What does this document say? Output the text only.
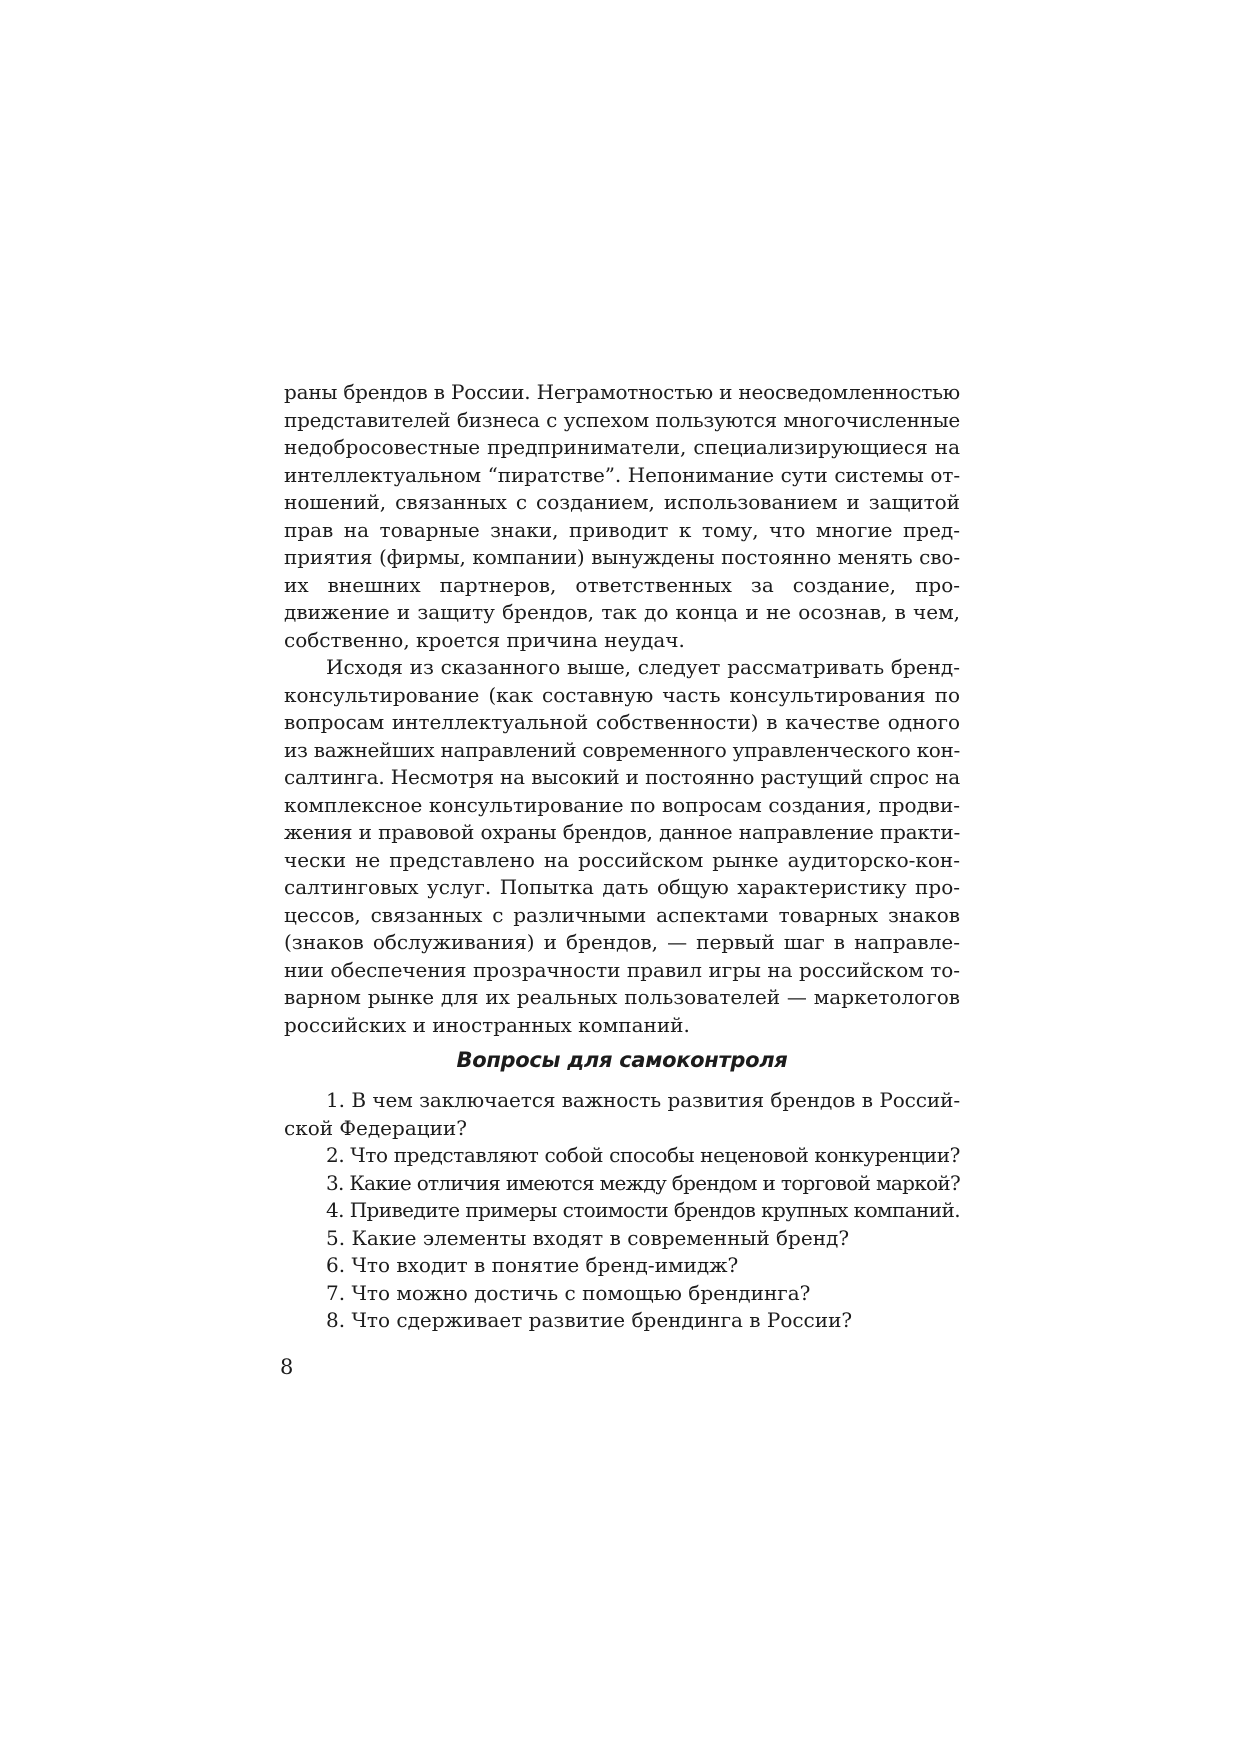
раны брендов в России. Неграмотностью и неосведомленностью
представителей бизнеса с успехом пользуются многочисленные
недобросовестные предприниматели, специализирующиеся на
интеллектуальном “пиратстве”. Непонимание сути системы от-
ношений, связанных с созданием, использованием и защитой
прав на товарные знаки, приводит к тому, что многие пред-
приятия (фирмы, компании) вынуждены постоянно менять сво-
их внешних партнеров, ответственных за создание, про-
движение и защиту брендов, так до конца и не осознав, в чем,
собственно, кроется причина неудач.
Исходя из сказанного выше, следует рассматривать бренд-
консультирование (как составную часть консультирования по
вопросам интеллектуальной собственности) в качестве одного
из важнейших направлений современного управленческого кон-
салтинга. Несмотря на высокий и постоянно растущий спрос на
комплексное консультирование по вопросам создания, продви-
жения и правовой охраны брендов, данное направление практи-
чески не представлено на российском рынке аудиторско-кон-
салтинговых услуг. Попытка дать общую характеристику про-
цессов, связанных с различными аспектами товарных знаков
(знаков обслуживания) и брендов, — первый шаг в направле-
нии обеспечения прозрачности правил игры на российском то-
варном рынке для их реальных пользователей — маркетологов
российских и иностранных компаний.
Вопросы для самоконтроля
1. В чем заключается важность развития брендов в Россий-
ской Федерации?
2. Что представляют собой способы неценовой конкуренции?
3. Какие отличия имеются между брендом и торговой маркой?
4. Приведите примеры стоимости брендов крупных компаний.
5. Какие элементы входят в современный бренд?
6. Что входит в понятие бренд-имидж?
7. Что можно достичь с помощью брендинга?
8. Что сдерживает развитие брендинга в России?
8
